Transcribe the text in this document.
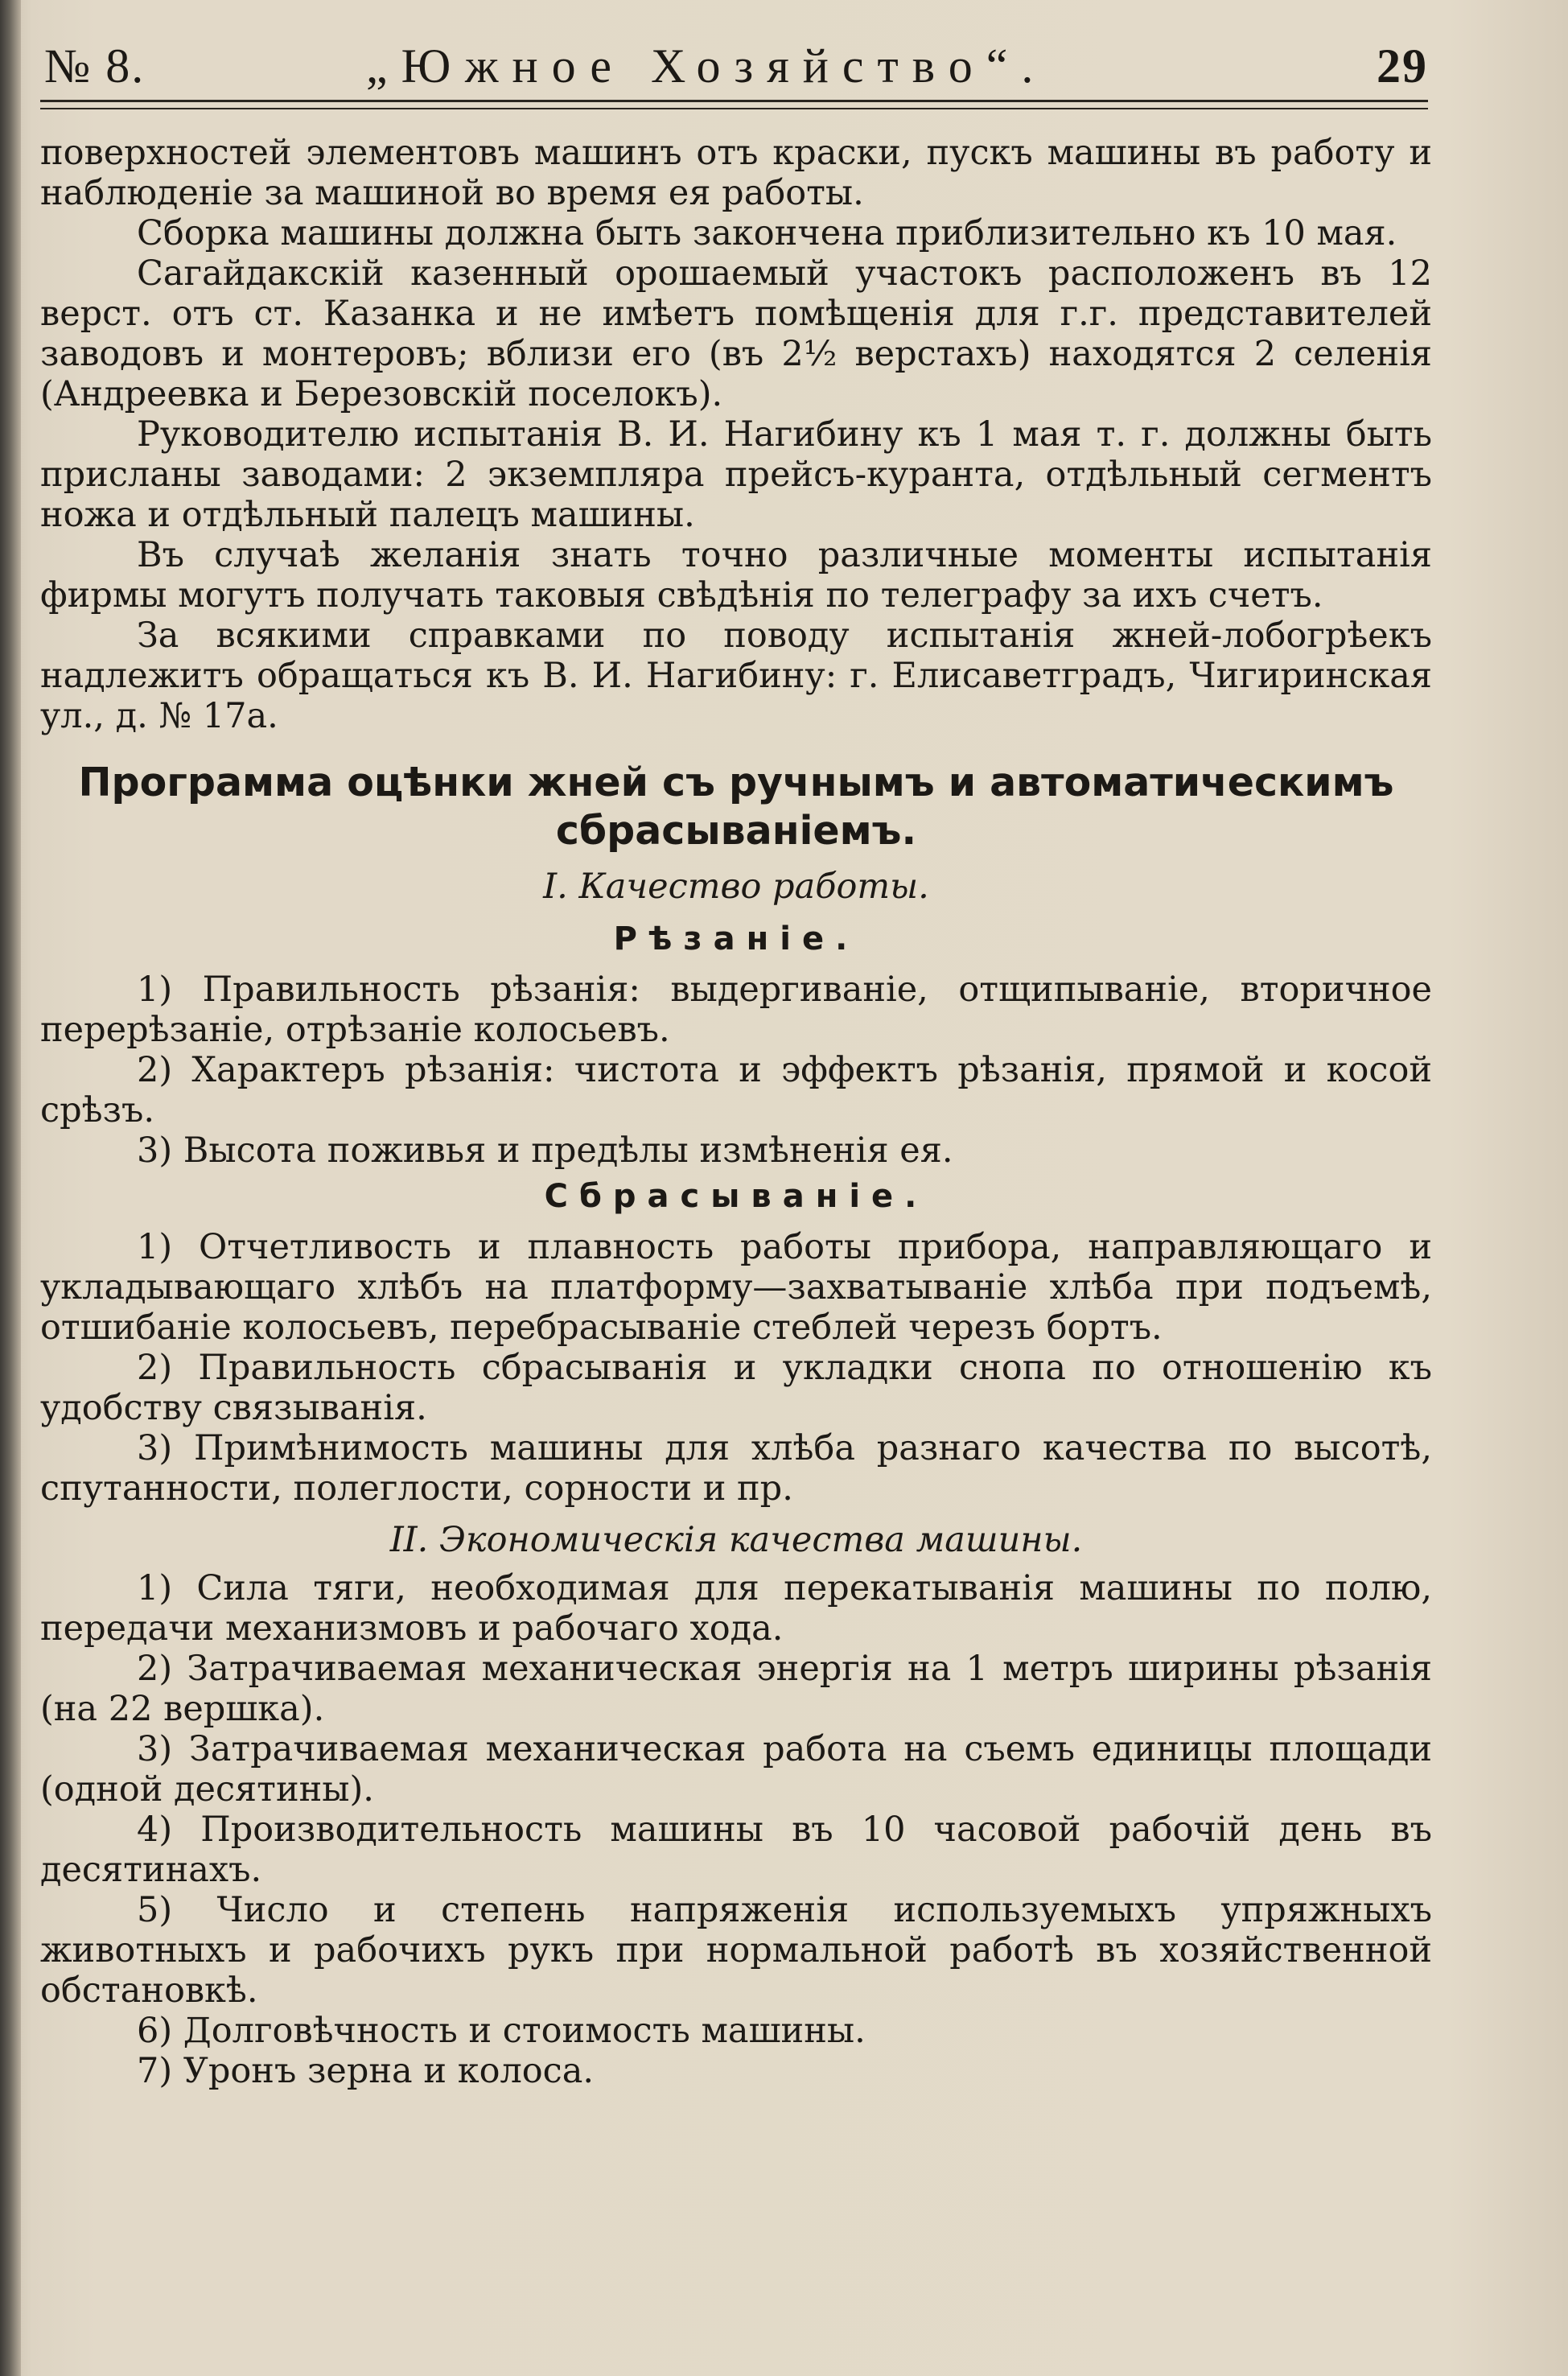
№ 8.	„Южное Хозяйство“.	29

поверхностей элементовъ машинъ отъ краски, пускъ машины въ работу и наблюденіе за машиной во время ея работы.

Сборка машины должна быть закончена приблизительно къ 10 мая.

Сагайдакскій казенный орошаемый участокъ расположенъ въ 12 верст. отъ ст. Казанка и не имѣетъ помѣщенія для г.г. представителей заводовъ и монтеровъ; вблизи его (въ 2½ верстахъ) находятся 2 селенія (Андреевка и Березовскій поселокъ).

Руководителю испытанія В. И. Нагибину къ 1 мая т. г. должны быть присланы заводами: 2 экземпляра прейсъ-куранта, отдѣльный сегментъ ножа и отдѣльный палецъ машины.

Въ случаѣ желанія знать точно различные моменты испытанія фирмы могутъ получать таковыя свѣдѣнія по телеграфу за ихъ счетъ.

За всякими справками по поводу испытанія жней-лобогрѣекъ надлежитъ обращаться къ В. И. Нагибину: г. Елисаветградъ, Чигиринская ул., д. № 17а.

Программа оцѣнки жней съ ручнымъ и автоматическимъ сбрасываніемъ.
I. Качество работы.
Рѣзаніе.

1) Правильность рѣзанія: выдергиваніе, отщипываніе, вторичное перерѣзаніе, отрѣзаніе колосьевъ.

2) Характеръ рѣзанія: чистота и эффектъ рѣзанія, прямой и косой срѣзъ.

3) Высота поживья и предѣлы измѣненія ея.

Сбрасываніе.

1) Отчетливость и плавность работы прибора, направляющаго и укладывающаго хлѣбъ на платформу—захватываніе хлѣба при подъемѣ, отшибаніе колосьевъ, перебрасываніе стеблей черезъ бортъ.

2) Правильность сбрасыванія и укладки снопа по отношенію къ удобству связыванія.

3) Примѣнимость машины для хлѣба разнаго качества по высотѣ, спутанности, полеглости, сорности и пр.

II. Экономическія качества машины.

1) Сила тяги, необходимая для перекатыванія машины по полю, передачи механизмовъ и рабочаго хода.

2) Затрачиваемая механическая энергія на 1 метръ ширины рѣзанія (на 22 вершка).

3) Затрачиваемая механическая работа на съемъ единицы площади (одной десятины).

4) Производительность машины въ 10 часовой рабочій день въ десятинахъ.

5) Число и степень напряженія используемыхъ упряжныхъ животныхъ и рабочихъ рукъ при нормальной работѣ въ хозяйственной обстановкѣ.

6) Долговѣчность и стоимость машины.

7) Уронъ зерна и колоса.
